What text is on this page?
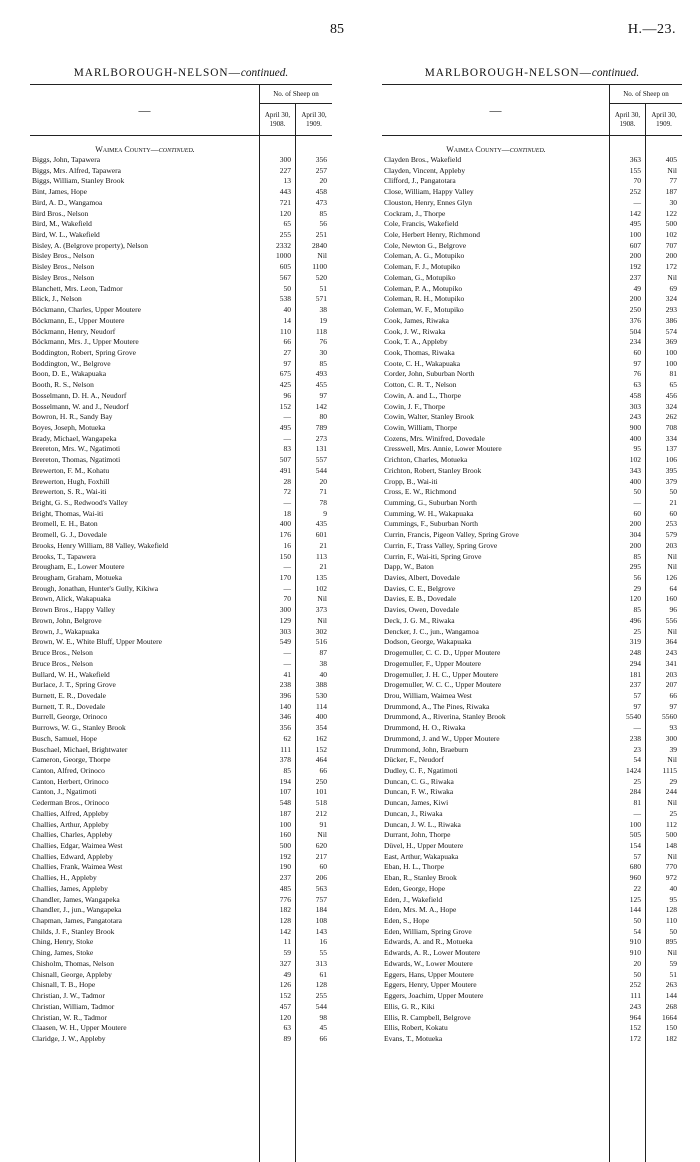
85	H.—23.
MARLBOROUGH-NELSON—continued.
—
No. of Sheep on
April 30, 1908.
April 30, 1909.
Waimea County—continued.
Biggs, John, Tapawera	300	356
Biggs, Mrs. Alfred, Tapawera	227	257
Biggs, William, Stanley Brook	13	20
Bint, James, Hope	443	458
Bird, A. D., Wangamoa	721	473
Bird Bros., Nelson	120	85
Bird, M., Wakefield	65	56
Bird, W. L., Wakefield	255	251
Bisley, A. (Belgrove property), Nelson	2332	2840
Bisley Bros., Nelson	1000	Nil
Bisley Bros., Nelson	605	1100
Bisley Bros., Nelson	567	520
Blanchett, Mrs. Leon, Tadmor	50	51
Blick, J., Nelson	538	571
Böckmann, Charles, Upper Moutere	40	38
Böckmann, E., Upper Moutere	14	19
Böckmann, Henry, Neudorf	110	118
Böckmann, Mrs. J., Upper Moutere	66	76
Boddington, Robert, Spring Grove	27	30
Boddington, W., Belgrove	97	85
Boon, D. E., Wakapuaka	675	493
Booth, R. S., Nelson	425	455
Bosselmann, D. H. A., Neudorf	96	97
Bosselmann, W. and J., Neudorf	152	142
Bowron, H. R., Sandy Bay	—	80
Boyes, Joseph, Motueka	495	789
Brady, Michael, Wangapeka	—	273
Brereton, Mrs. W., Ngatimoti	83	131
Brereton, Thomas, Ngatimoti	507	557
Brewerton, F. M., Kohatu	491	544
Brewerton, Hugh, Foxhill	28	20
Brewerton, S. R., Wai-iti	72	71
Bright, G. S., Redwood's Valley	—	78
Bright, Thomas, Wai-iti	18	9
Bromell, E. H., Baton	400	435
Bromell, G. J., Dovedale	176	601
Brooks, Henry William, 88 Valley, Wakefield	16	21
Brooks, T., Tapawera	150	113
Brougham, E., Lower Moutere	—	21
Brougham, Graham, Motueka	170	135
Brough, Jonathan, Hunter's Gully, Kikiwa	—	102
Brown, Alick, Wakapuaka	70	Nil
Brown Bros., Happy Valley	300	373
Brown, John, Belgrove	129	Nil
Brown, J., Wakapuaka	303	302
Brown, W. E., White Bluff, Upper Moutere	549	516
Bruce Bros., Nelson	—	87
Bruce Bros., Nelson	—	38
Bullard, W. H., Wakefield	41	40
Burlace, J. T., Spring Grove	238	388
Burnett, E. R., Dovedale	396	530
Burnett, T. R., Dovedale	140	114
Burrell, George, Orinoco	346	400
Burrows, W. G., Stanley Brook	356	354
Busch, Samuel, Hope	62	162
Buschael, Michael, Brightwater	111	152
Cameron, George, Thorpe	378	464
Canton, Alfred, Orinoco	85	66
Canton, Herbert, Orinoco	194	250
Canton, J., Ngatimoti	107	101
Cederman Bros., Orinoco	548	518
Challies, Alfred, Appleby	187	212
Challies, Arthur, Appleby	100	91
Challies, Charles, Appleby	160	Nil
Challies, Edgar, Waimea West	500	620
Challies, Edward, Appleby	192	217
Challies, Frank, Waimea West	190	60
Challies, H., Appleby	237	206
Challies, James, Appleby	485	563
Chandler, James, Wangapeka	776	757
Chandler, J., jun., Wangapeka	182	184
Chapman, James, Pangatotara	128	108
Childs, J. F., Stanley Brook	142	143
Ching, Henry, Stoke	11	16
Ching, James, Stoke	59	55
Chisholm, Thomas, Nelson	327	313
Chisnall, George, Appleby	49	61
Chisnall, T. B., Hope	126	128
Christian, J. W., Tadmor	152	255
Christian, William, Tadmor	457	544
Christian, W. R., Tadmor	120	98
Claasen, W. H., Upper Moutere	63	45
Claridge, J. W., Appleby	89	66
MARLBOROUGH-NELSON—continued.
—
No. of Sheep on
April 30, 1908.
April 30, 1909.
Waimea County—continued.
Clayden Bros., Wakefield	363	405
Clayden, Vincent, Appleby	155	Nil
Clifford, J., Pangatotara	70	77
Close, William, Happy Valley	252	187
Clouston, Henry, Ennes Glyn	—	30
Cockram, J., Thorpe	142	122
Cole, Francis, Wakefield	495	500
Cole, Herbert Henry, Richmond	100	102
Cole, Newton G., Belgrove	607	707
Coleman, A. G., Motupiko	200	200
Coleman, F. J., Motupiko	192	172
Coleman, G., Motupiko	237	Nil
Coleman, P. A., Motupiko	49	69
Coleman, R. H., Motupiko	200	324
Coleman, W. F., Motupiko	250	293
Cook, James, Riwaka	376	386
Cook, J. W., Riwaka	504	574
Cook, T. A., Appleby	234	369
Cook, Thomas, Riwaka	60	100
Coote, C. H., Wakapuaka	97	100
Corder, John, Suburban North	76	81
Cotton, C. R. T., Nelson	63	65
Cowin, A. and L., Thorpe	458	456
Cowin, J. F., Thorpe	303	324
Cowin, Walter, Stanley Brook	243	262
Cowin, William, Thorpe	900	708
Cozens, Mrs. Winifred, Dovedale	400	334
Cresswell, Mrs. Annie, Lower Moutere	95	137
Crichton, Charles, Motueka	102	106
Crichton, Robert, Stanley Brook	343	395
Cropp, B., Wai-iti	400	379
Cross, E. W., Richmond	50	50
Cumming, G., Suburban North	—	21
Cumming, W. H., Wakapuaka	60	60
Cummings, F., Suburban North	200	253
Currin, Francis, Pigeon Valley, Spring Grove	304	579
Currin, F., Trass Valley, Spring Grove	200	203
Currin, F., Wai-iti, Spring Grove	85	Nil
Dapp, W., Baton	295	Nil
Davies, Albert, Dovedale	56	126
Davies, C. E., Belgrove	29	64
Davies, E. B., Dovedale	120	160
Davies, Owen, Dovedale	85	96
Deck, J. G. M., Riwaka	496	556
Dencker, J. C., jun., Wangamoa	25	Nil
Dodson, George, Wakapuaka	319	364
Drogemuller, C. C. D., Upper Moutere	248	243
Drogemuller, F., Upper Moutere	294	341
Drogemuller, J. H. C., Upper Moutere	181	203
Drogemuller, W. C. C., Upper Moutere	237	207
Drou, William, Waimea West	57	66
Drummond, A., The Pines, Riwaka	97	97
Drummond, A., Riverina, Stanley Brook	5540	5560
Drummond, H. O., Riwaka	—	93
Drummond, J. and W., Upper Moutere	238	300
Drummond, John, Braeburn	23	39
Dücker, F., Neudorf	54	Nil
Dudley, C. F., Ngatimoti	1424	1115
Duncan, C. G., Riwaka	25	29
Duncan, F. W., Riwaka	284	244
Duncan, James, Kiwi	81	Nil
Duncan, J., Riwaka	—	25
Duncan, J. W. L., Riwaka	100	112
Durrant, John, Thorpe	505	500
Düvel, H., Upper Moutere	154	148
East, Arthur, Wakapuaka	57	Nil
Eban, H. L., Thorpe	680	770
Eban, R., Stanley Brook	960	972
Eden, George, Hope	22	40
Eden, J., Wakefield	125	95
Eden, Mrs. M. A., Hope	144	128
Eden, S., Hope	50	110
Eden, William, Spring Grove	54	50
Edwards, A. and R., Motueka	910	895
Edwards, A. R., Lower Moutere	910	Nil
Edwards, W., Lower Moutere	20	59
Eggers, Hans, Upper Moutere	50	51
Eggers, Henry, Upper Moutere	252	263
Eggers, Joachim, Upper Moutere	111	144
Ellis, G. R., Kiki	243	268
Ellis, R. Campbell, Belgrove	964	1664
Ellis, Robert, Kokatu	152	150
Evans, T., Motueka	172	182
